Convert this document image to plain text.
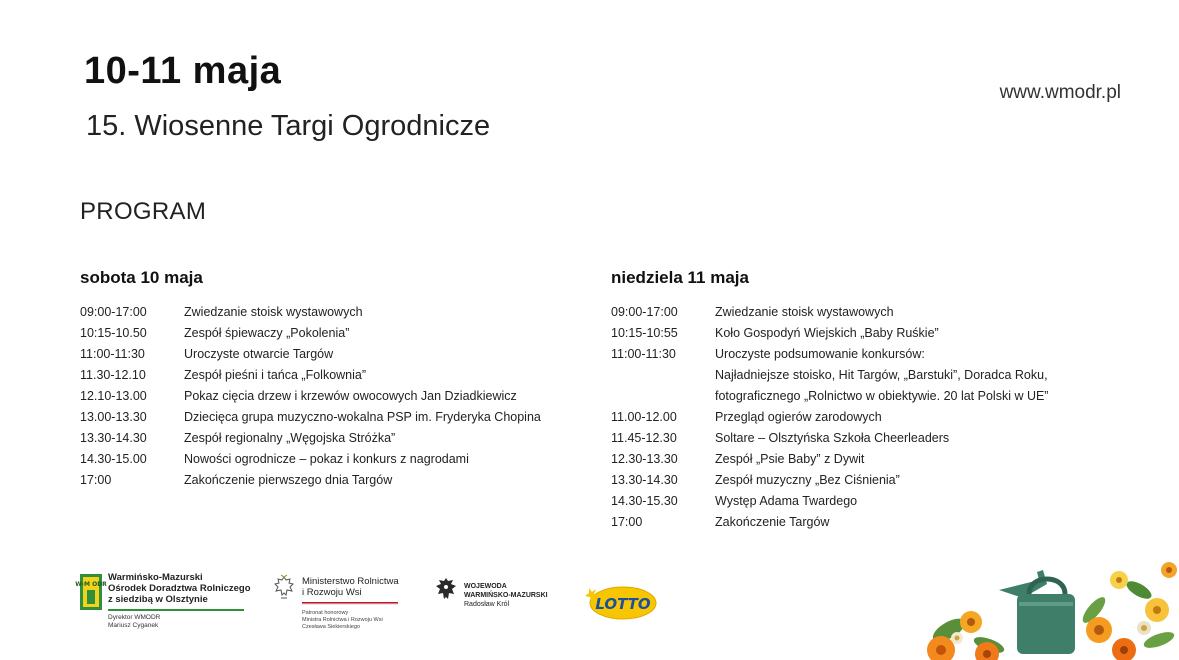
10-11 maja
15. Wiosenne Targi Ogrodnicze
www.wmodr.pl
PROGRAM
sobota 10 maja
09:00-17:00	Zwiedzanie stoisk wystawowych
10:15-10.50	Zespół śpiewaczy „Pokolenia”
11:00-11:30	Uroczyste otwarcie Targów
11.30-12.10	Zespół pieśni i tańca „Folkownia”
12.10-13.00	Pokaz cięcia drzew i krzewów owocowych Jan Dziadkiewicz
13.00-13.30	Dziecięca grupa muzyczno-wokalna PSP im. Fryderyka Chopina
13.30-14.30	Zespół regionalny „Węgojska Stróżka”
14.30-15.00	Nowości ogrodnicze – pokaz i konkurs z nagrodami
17:00	Zakończenie pierwszego dnia Targów
niedziela 11 maja
09:00-17:00	Zwiedzanie stoisk wystawowych
10:15-10:55	Koło Gospodyń Wiejskich „Baby Ruśkie”
11:00-11:30	Uroczyste podsumowanie konkursów:
Najładniejsze stoisko, Hit Targów, „Barstuki”, Doradca Roku,
fotograficznego „Rolnictwo w obiektywie. 20 lat Polski w UE”
11.00-12.00	Przegląd ogierów zarodowych
11.45-12.30	Soltare – Olsztyńska Szkoła Cheerleaders
12.30-13.30	Zespół „Psie Baby” z Dywit
13.30-14.30	Zespół muzyczny „Bez Ciśnienia”
14.30-15.30	Występ Adama Twardego
17:00	Zakończenie Targów
W-M ODR
Warmińsko-Mazurski
Ośrodek Doradztwa Rolniczego
z siedzibą w Olsztynie
Dyrektor WMODR
Mariusz Cyganek
Ministerstwo Rolnictwa
i Rozwoju Wsi
Patronat honorowy
Ministra Rolnictwa i Rozwoju Wsi
Czesława Siekierskiego
WOJEWODA
WARMIŃSKO-MAZURSKI
Radosław Król	LOTTO
